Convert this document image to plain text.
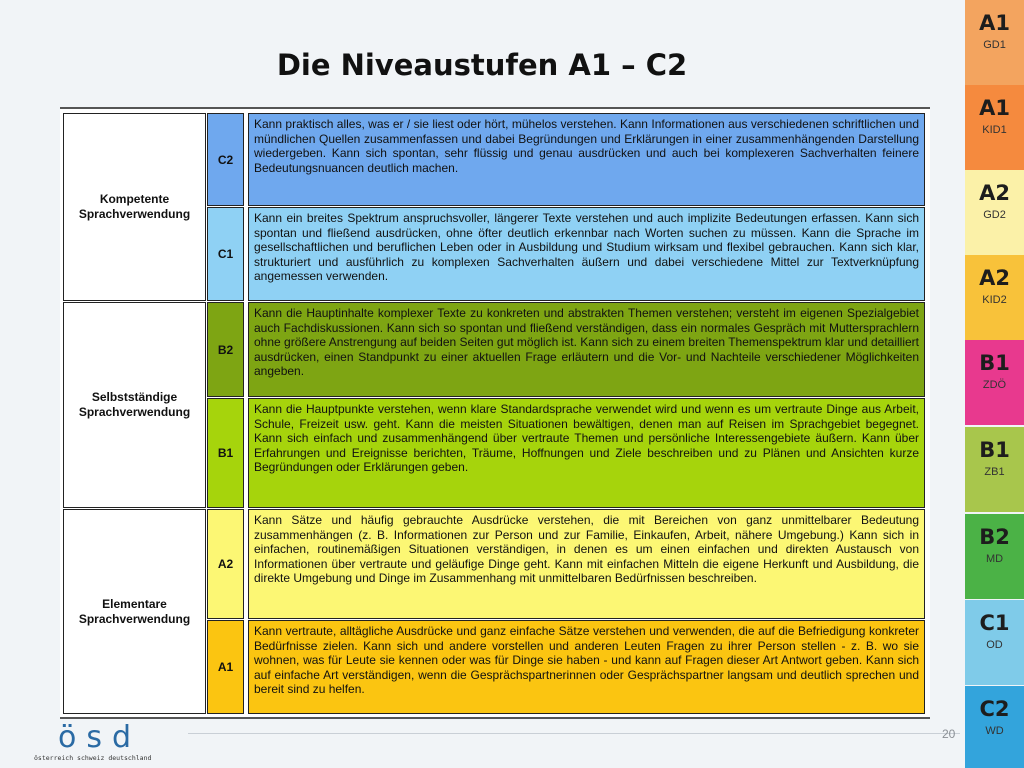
Die Niveaustufen A1 – C2
Kompetente
Sprachverwendung
Selbstständige
Sprachverwendung
Elementare
Sprachverwendung
C2
Kann praktisch alles, was er / sie liest oder hört, mühelos verstehen. Kann Informationen aus verschiedenen schriftlichen und mündlichen Quellen zusammenfassen und dabei Begründungen und Erklärungen in einer zusammenhängenden Darstellung wiedergeben. Kann sich spontan, sehr flüssig und genau ausdrücken und auch bei komplexeren Sachverhalten feinere Bedeutungsnuancen deutlich machen.
C1
Kann ein breites Spektrum anspruchsvoller, längerer Texte verstehen und auch implizite Bedeutungen erfassen. Kann sich spontan und fließend ausdrücken, ohne öfter deutlich erkennbar nach Worten suchen zu müssen. Kann die Sprache im gesellschaftlichen und beruflichen Leben oder in Ausbildung und Studium wirksam und flexibel gebrauchen. Kann sich klar, strukturiert und ausführlich zu komplexen Sachverhalten äußern und dabei verschiedene Mittel zur Textverknüpfung angemessen verwenden.
B2
Kann die Hauptinhalte komplexer Texte zu konkreten und abstrakten Themen verstehen; versteht im eigenen Spezialgebiet auch Fachdiskussionen. Kann sich so spontan und fließend verständigen, dass ein normales Gespräch mit Muttersprachlern ohne größere Anstrengung auf beiden Seiten gut möglich ist. Kann sich zu einem breiten Themenspektrum klar und detailliert ausdrücken, einen Standpunkt zu einer aktuellen Frage erläutern und die Vor- und Nachteile verschiedener Möglichkeiten angeben.
B1
Kann die Hauptpunkte verstehen, wenn klare Standardsprache verwendet wird und wenn es um vertraute Dinge aus Arbeit, Schule, Freizeit usw. geht. Kann die meisten Situationen bewältigen, denen man auf Reisen im Sprachgebiet begegnet. Kann sich einfach und zusammenhängend über vertraute Themen und persönliche Interessengebiete äußern. Kann über Erfahrungen und Ereignisse berichten, Träume, Hoffnungen und Ziele beschreiben und zu Plänen und Ansichten kurze Begründungen oder Erklärungen geben.
A2
Kann Sätze und häufig gebrauchte Ausdrücke verstehen, die mit Bereichen von ganz unmittelbarer Bedeutung zusammenhängen (z. B. Informationen zur Person und zur Familie, Einkaufen, Arbeit, nähere Umgebung.) Kann sich in einfachen, routinemäßigen Situationen verständigen, in denen es um einen einfachen und direkten Austausch von Informationen über vertraute und geläufige Dinge geht. Kann mit einfachen Mitteln die eigene Herkunft und Ausbildung, die direkte Umgebung und Dinge im Zusammenhang mit unmittelbaren Bedürfnissen beschreiben.
A1
Kann vertraute, alltägliche Ausdrücke und ganz einfache Sätze verstehen und verwenden, die auf die Befriedigung konkreter Bedürfnisse zielen. Kann sich und andere vorstellen und anderen Leuten Fragen zu ihrer Person stellen - z. B. wo sie wohnen, was für Leute sie kennen oder was für Dinge sie haben - und kann auf Fragen dieser Art Antwort geben. Kann sich auf einfache Art verständigen, wenn die Gesprächspartnerinnen oder Gesprächspartner langsam und deutlich sprechen und bereit sind zu helfen.
A1
GD1
A1
KID1
A2
GD2
A2
KID2
B1
ZDÖ
B1
ZB1
B2
MD
C1
OD
C2
WD
ösd
österreich schweiz deutschland
20
